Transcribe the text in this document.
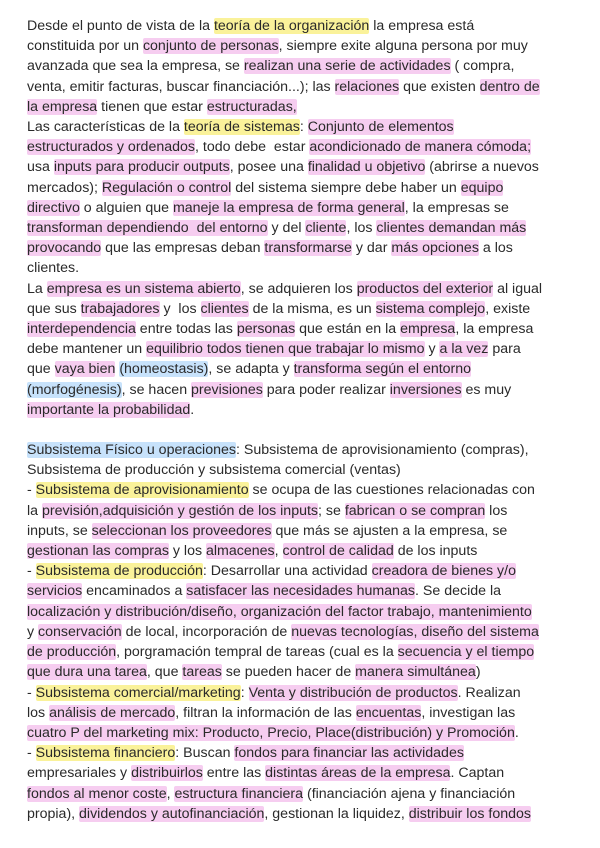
Desde el punto de vista de la teoría de la organización la empresa está
constituida por un conjunto de personas, siempre exite alguna persona por muy
avanzada que sea la empresa, se realizan una serie de actividades ( compra,
venta, emitir facturas, buscar financiación...); las relaciones que existen dentro de
la empresa tienen que estar estructuradas,
Las características de la teoría de sistemas: Conjunto de elementos
estructurados y ordenados, todo debe  estar acondicionado de manera cómoda;
usa inputs para producir outputs, posee una finalidad u objetivo (abrirse a nuevos
mercados); Regulación o control del sistema siempre debe haber un equipo
directivo o alguien que maneje la empresa de forma general, la empresas se
transforman dependiendo  del entorno y del cliente, los clientes demandan más
provocando que las empresas deban transformarse y dar más opciones a los
clientes.
La empresa es un sistema abierto, se adquieren los productos del exterior al igual
que sus trabajadores y  los clientes de la misma, es un sistema complejo, existe
interdependencia entre todas las personas que están en la empresa, la empresa
debe mantener un equilibrio todos tienen que trabajar lo mismo y a la vez para
que vaya bien (homeostasis), se adapta y transforma según el entorno
(morfogénesis), se hacen previsiones para poder realizar inversiones es muy
importante la probabilidad.
Subsistema Físico u operaciones: Subsistema de aprovisionamiento (compras),
Subsistema de producción y subsistema comercial (ventas)
- Subsistema de aprovisionamiento se ocupa de las cuestiones relacionadas con
la previsión,adquisición y gestión de los inputs; se fabrican o se compran los
inputs, se seleccionan los proveedores que más se ajusten a la empresa, se
gestionan las compras y los almacenes, control de calidad de los inputs
- Subsistema de producción: Desarrollar una actividad creadora de bienes y/o
servicios encaminados a satisfacer las necesidades humanas. Se decide la
localización y distribución/diseño, organización del factor trabajo, mantenimiento
y conservación de local, incorporación de nuevas tecnologías, diseño del sistema
de producción, porgramación tempral de tareas (cual es la secuencia y el tiempo
que dura una tarea, que tareas se pueden hacer de manera simultánea)
- Subsistema comercial/marketing: Venta y distribución de productos. Realizan
los análisis de mercado, filtran la información de las encuentas, investigan las
cuatro P del marketing mix: Producto, Precio, Place(distribución) y Promoción.
- Subsistema financiero: Buscan fondos para financiar las actividades
empresariales y distribuirlos entre las distintas áreas de la empresa. Captan
fondos al menor coste, estructura financiera (financiación ajena y financiación
propia), dividendos y autofinanciación, gestionan la liquidez, distribuir los fondos
